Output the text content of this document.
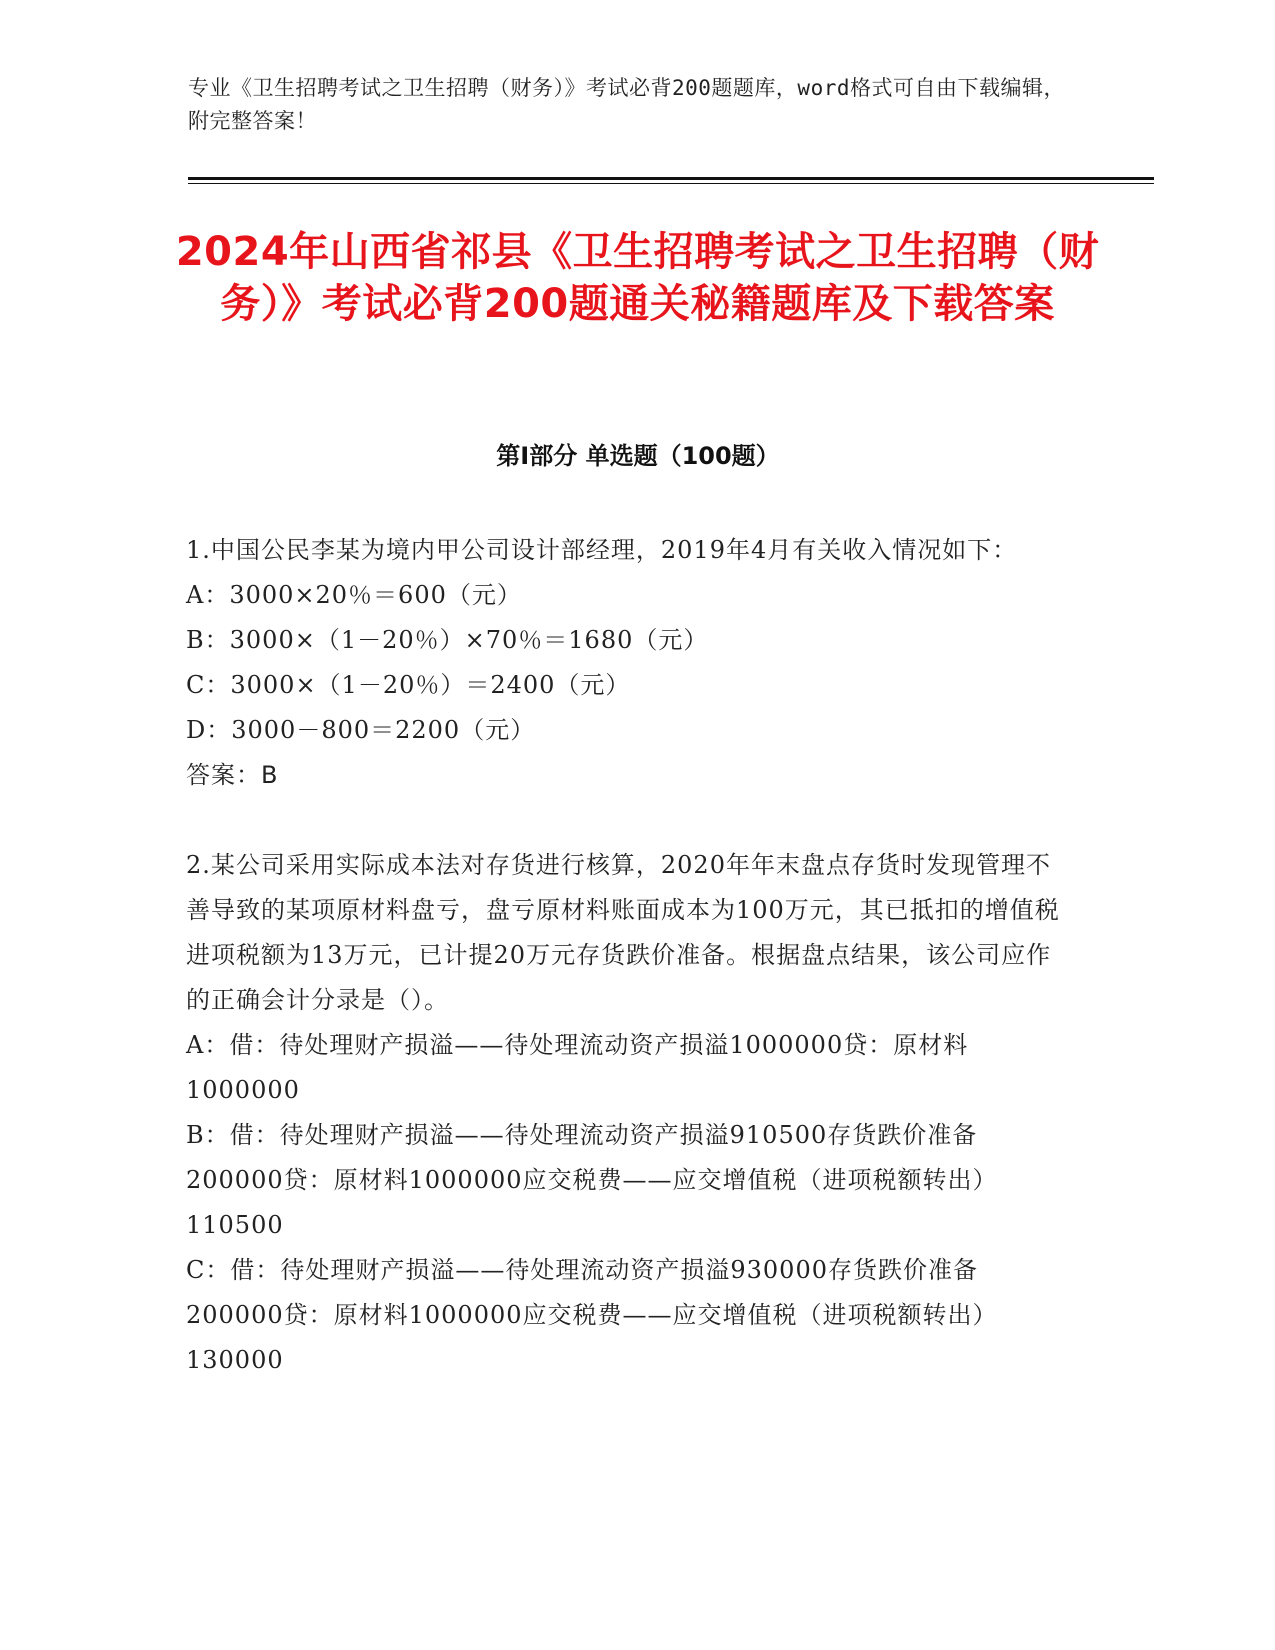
专业《卫生招聘考试之卫生招聘（财务）》考试必背200题题库，word格式可自由下载编辑，附完整答案！
2024年山西省祁县《卫生招聘考试之卫生招聘（财务）》考试必背200题通关秘籍题库及下载答案
第I部分 单选题（100题）

1.中国公民李某为境内甲公司设计部经理，2019年4月有关收入情况如下：

A：3000×20％＝600（元）

B：3000×（1－20％）×70％＝1680（元）

C：3000×（1－20％）＝2400（元）

D：3000－800＝2200（元）

答案：B

2.某公司采用实际成本法对存货进行核算，2020年年末盘点存货时发现管理不善导致的某项原材料盘亏，盘亏原材料账面成本为100万元，其已抵扣的增值税进项税额为13万元，已计提20万元存货跌价准备。根据盘点结果，该公司应作的正确会计分录是（）。

A：借：待处理财产损溢——待处理流动资产损溢1000000贷：原材料1000000

B：借：待处理财产损溢——待处理流动资产损溢910500存货跌价准备200000贷：原材料1000000应交税费——应交增值税（进项税额转出）110500

C：借：待处理财产损溢——待处理流动资产损溢930000存货跌价准备200000贷：原材料1000000应交税费——应交增值税（进项税额转出）130000
